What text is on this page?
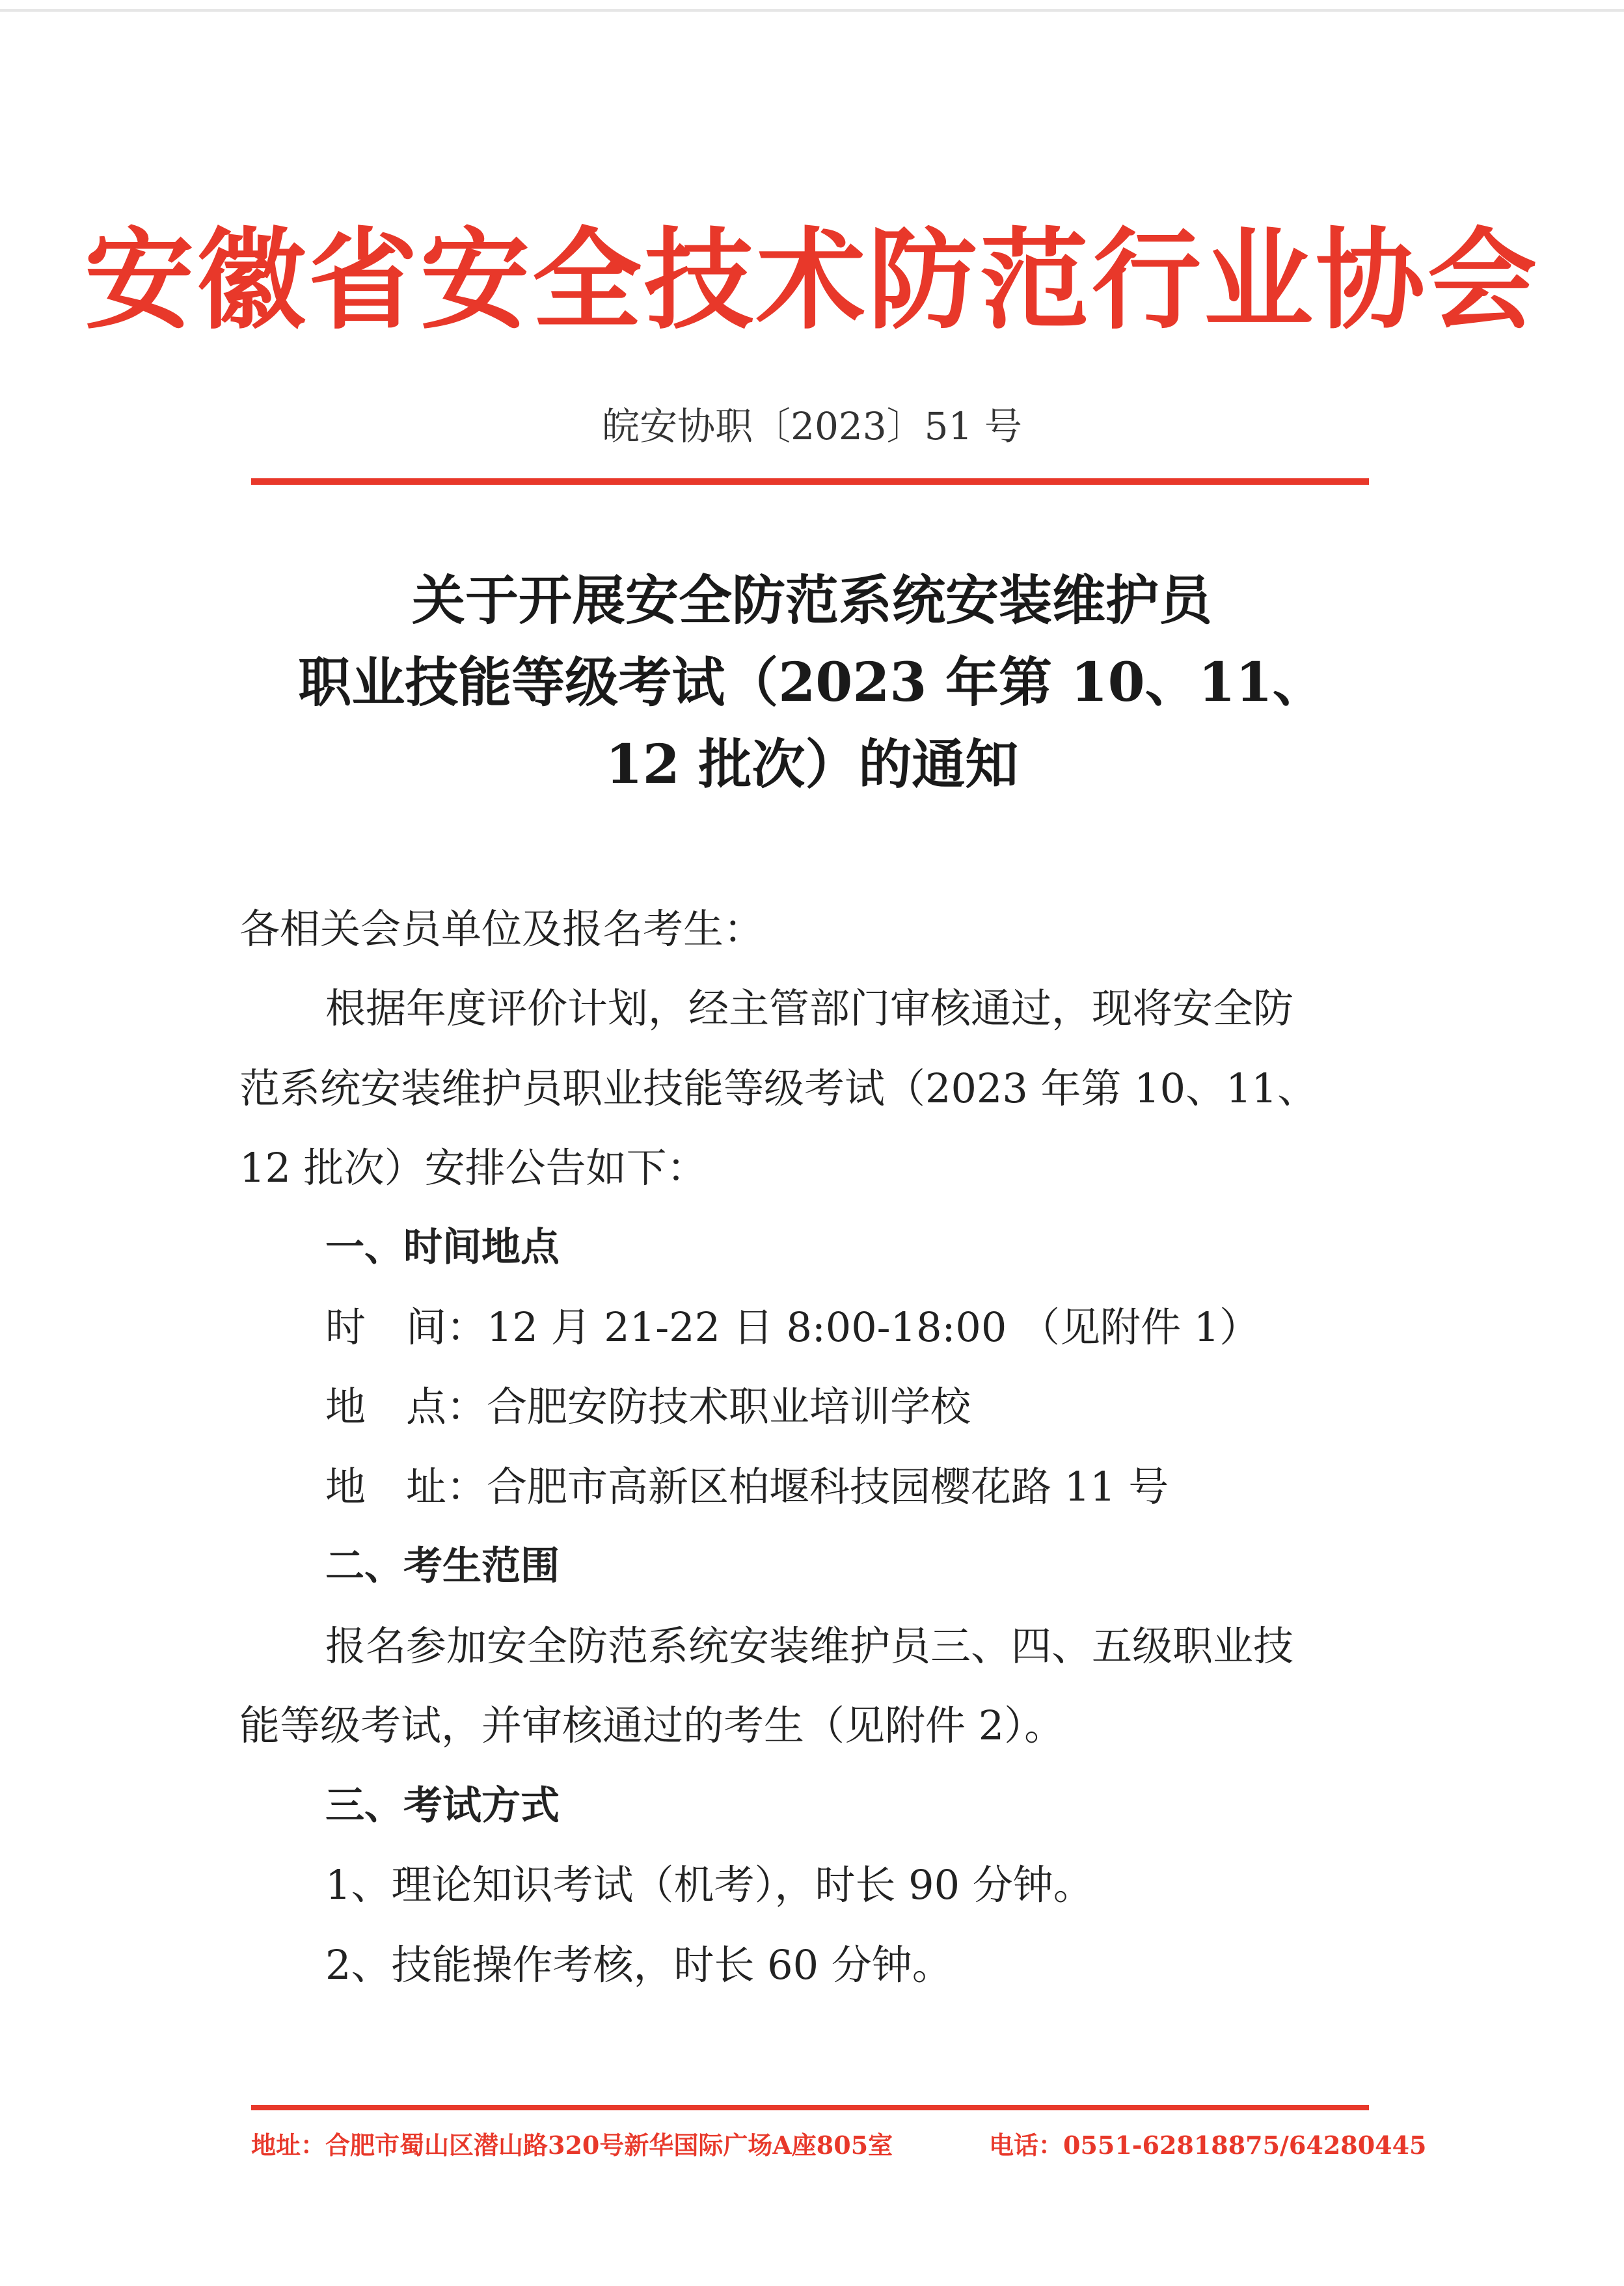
安徽省安全技术防范行业协会
皖安协职〔2023〕51 号
关于开展安全防范系统安装维护员
职业技能等级考试（2023 年第 10、11、
12 批次）的通知
各相关会员单位及报名考生：
根据年度评价计划，经主管部门审核通过，现将安全防
范系统安装维护员职业技能等级考试（2023 年第 10、11、
12 批次）安排公告如下：
一、时间地点
时　间：12 月 21-22 日 8:00-18:00 （见附件 1）
地　点：合肥安防技术职业培训学校
地　址：合肥市高新区柏堰科技园樱花路 11 号
二、考生范围
报名参加安全防范系统安装维护员三、四、五级职业技
能等级考试，并审核通过的考生（见附件 2）。
三、考试方式
1、理论知识考试（机考），时长 90 分钟。
2、技能操作考核，时长 60 分钟。
地址：合肥市蜀山区潜山路320号新华国际广场A座805室	电话：0551-62818875/64280445
